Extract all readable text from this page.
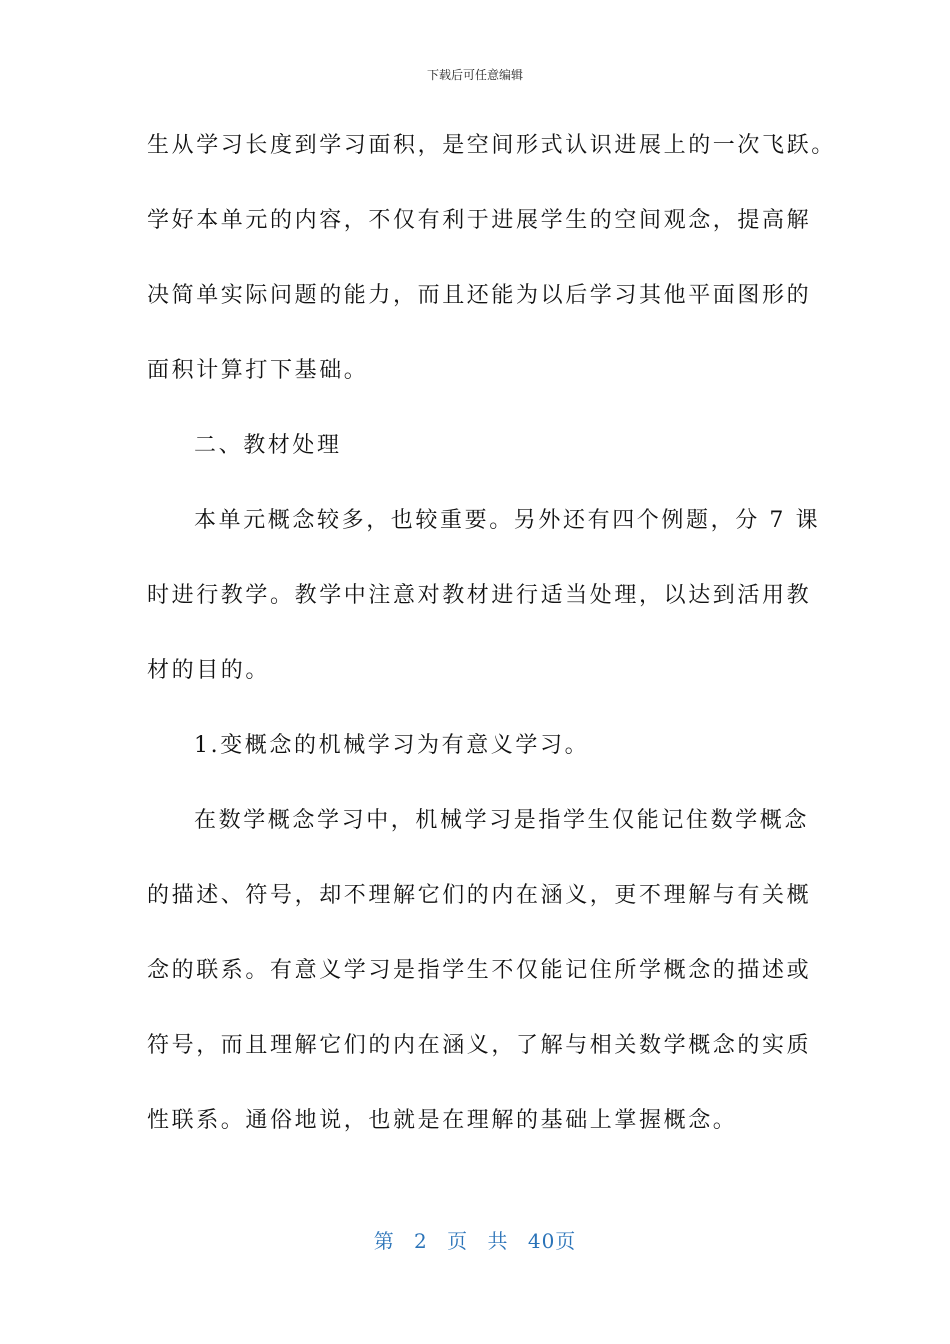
下载后可任意编辑
生从学习长度到学习面积，是空间形式认识进展上的一次飞跃。
学好本单元的内容，不仅有利于进展学生的空间观念，提高解
决简单实际问题的能力，而且还能为以后学习其他平面图形的
面积计算打下基础。
二、教材处理
本单元概念较多，也较重要。另外还有四个例题，分 7 课
时进行教学。教学中注意对教材进行适当处理，以达到活用教
材的目的。
1.变概念的机械学习为有意义学习。
在数学概念学习中，机械学习是指学生仅能记住数学概念
的描述、符号，却不理解它们的内在涵义，更不理解与有关概
念的联系。有意义学习是指学生不仅能记住所学概念的描述或
符号，而且理解它们的内在涵义，了解与相关数学概念的实质
性联系。通俗地说，也就是在理解的基础上掌握概念。
第 2 页 共 40页
